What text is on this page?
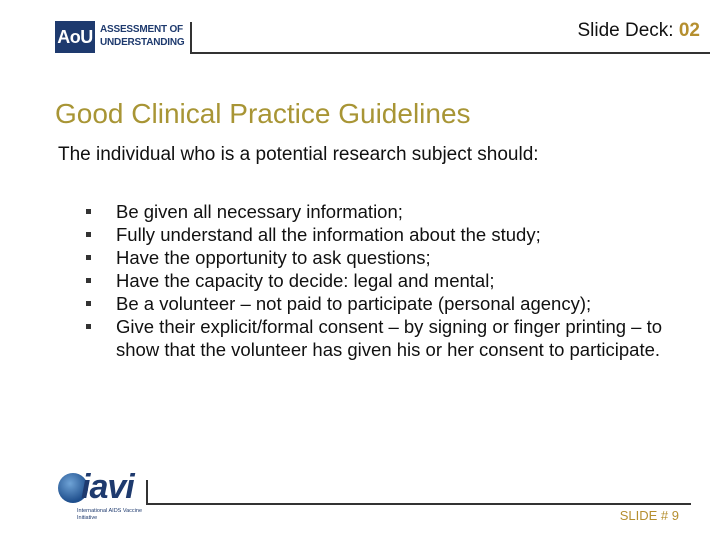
AoU ASSESSMENT OF
UNDERSTANDING
Slide Deck: 02
Good Clinical Practice Guidelines
The individual who is a potential research subject should:
Be given all necessary information;
Fully understand all the information about the study;
Have the opportunity to ask questions;
Have the capacity to decide: legal and mental;
Be a volunteer – not paid to participate (personal agency);
Give their explicit/formal consent – by signing or finger printing – to show that the volunteer has given his or her consent to participate.
iavi
International AIDS Vaccine Initiative	SLIDE # 9
